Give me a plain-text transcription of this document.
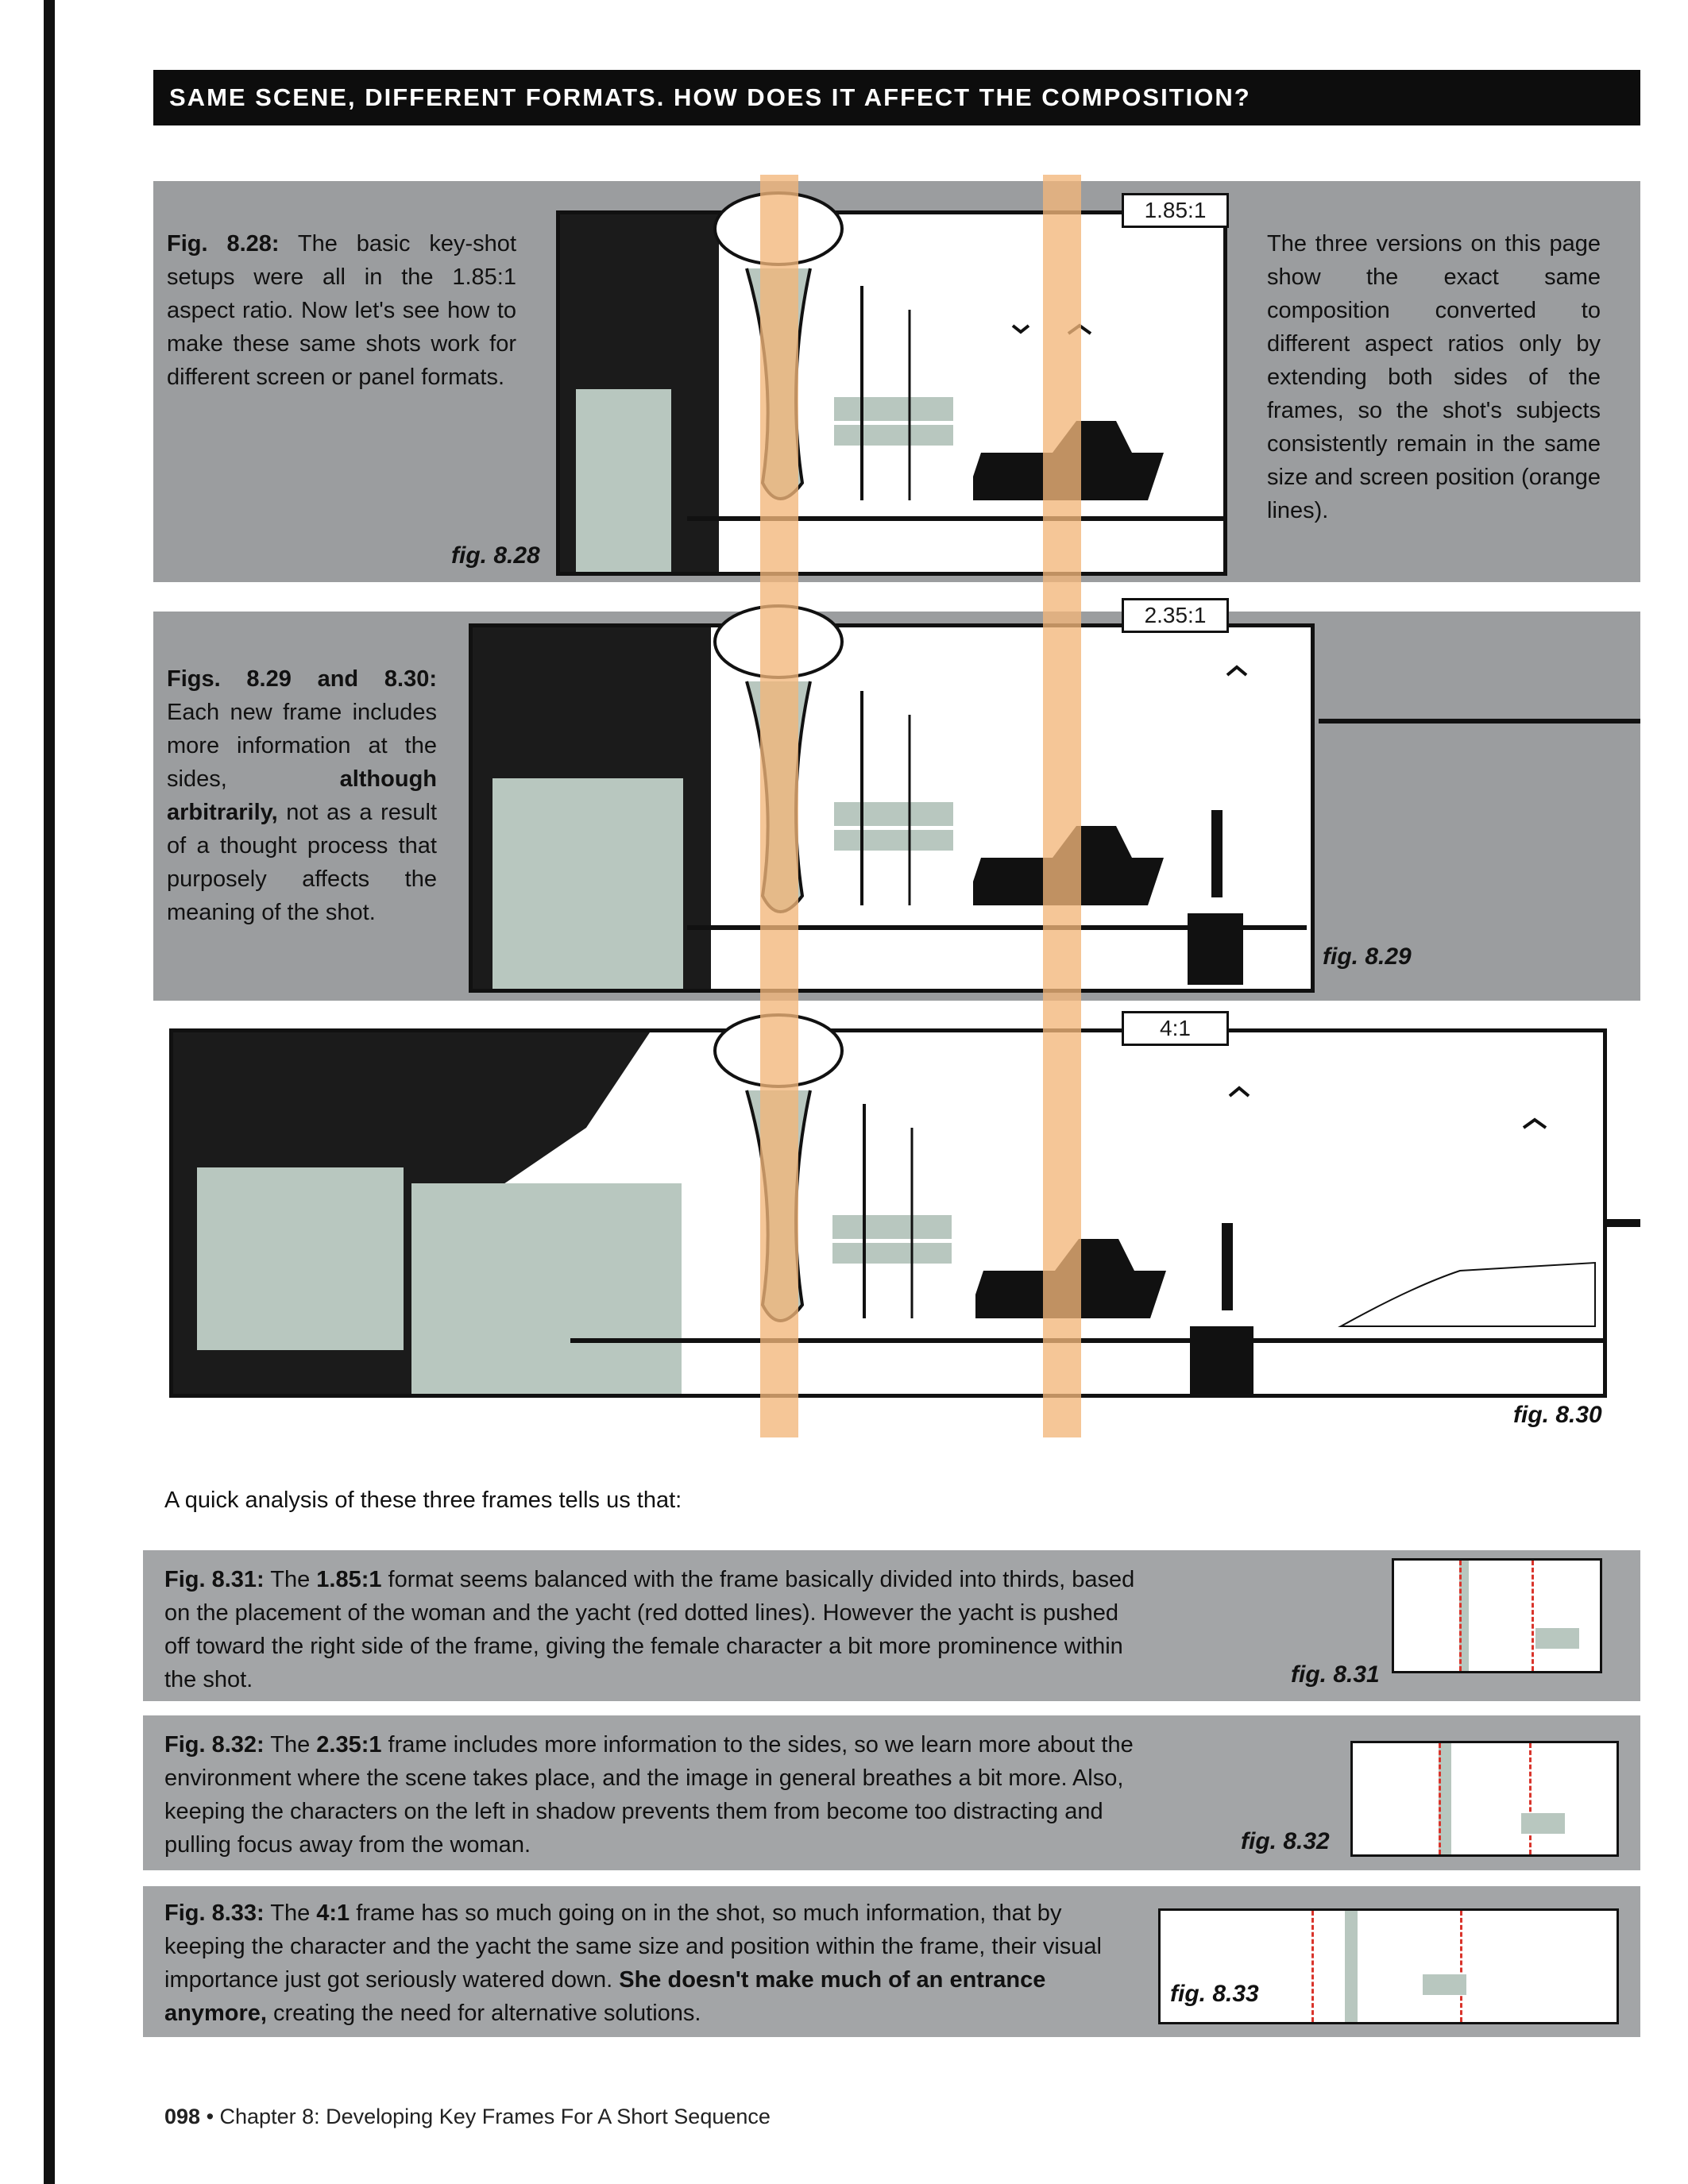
SAME SCENE, DIFFERENT FORMATS. HOW DOES IT AFFECT THE COMPOSITION?
Fig. 8.28: The basic key-shot setups were all in the 1.85:1 aspect ratio. Now let's see how to make these same shots work for different screen or panel formats.
fig. 8.28
1.85:1
The three versions on this page show the exact same composition converted to different aspect ratios only by extending both sides of the frames, so the shot's subjects consistently remain in the same size and screen position (orange lines).
Figs. 8.29 and 8.30: Each new frame includes more information at the sides, although arbitrarily, not as a result of a thought process that purposely affects the meaning of the shot.
2.35:1
fig. 8.29
4:1
fig. 8.30
A quick analysis of these three frames tells us that:
Fig. 8.31: The 1.85:1 format seems balanced with the frame basically divided into thirds, based on the placement of the woman and the yacht (red dotted lines). However the yacht is pushed off toward the right side of the frame, giving the female character a bit more prominence within the shot.	fig. 8.31
Fig. 8.32: The 2.35:1 frame includes more information to the sides, so we learn more about the environment where the scene takes place, and the image in general breathes a bit more. Also, keeping the characters on the left in shadow prevents them from become too distracting and pulling focus away from the woman.	fig. 8.32
Fig. 8.33: The 4:1 frame has so much going on in the shot, so much information, that by keeping the character and the yacht the same size and position within the frame, their visual importance just got seriously watered down. She doesn't make much of an entrance anymore, creating the need for alternative solutions.
fig. 8.33
098 • Chapter 8: Developing Key Frames For A Short Sequence
